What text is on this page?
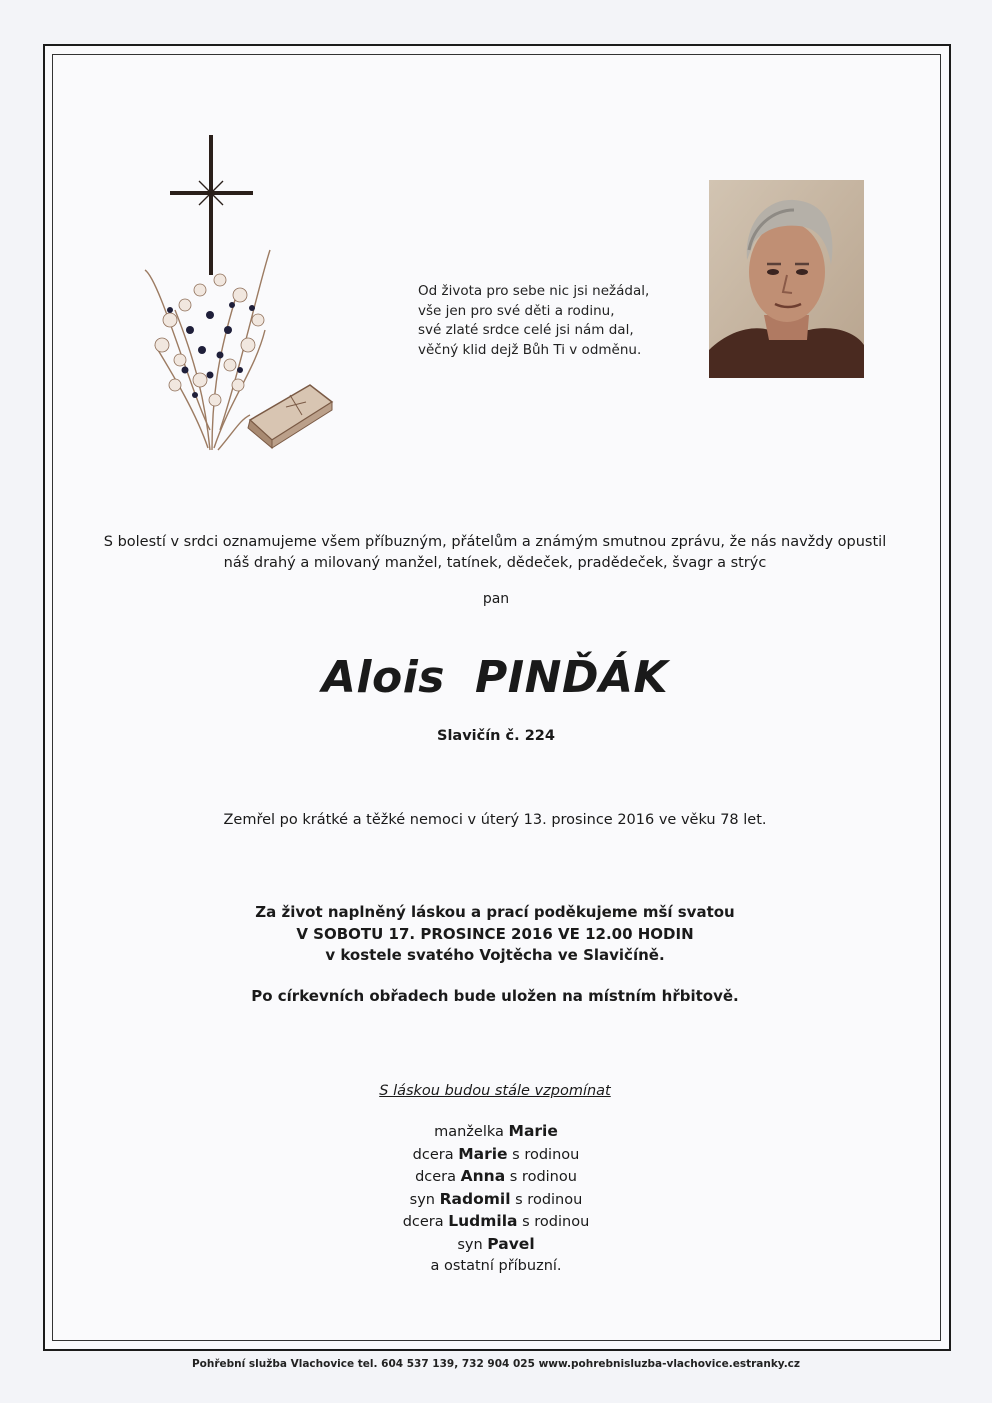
Od života pro sebe nic jsi nežádal,
vše jen pro své děti a rodinu,
své zlaté srdce celé jsi nám dal,
věčný klid dejž Bůh Ti v odměnu.
S bolestí v srdci oznamujeme všem příbuzným, přátelům a známým smutnou zprávu, že nás navždy opustil
náš drahý a milovaný manžel, tatínek, dědeček, pradědeček, švagr a strýc
pan
Alois PINĎÁK
Slavičín č. 224
Zemřel po krátké a těžké nemoci v úterý 13. prosince 2016 ve věku 78 let.
Za život naplněný láskou a prací poděkujeme mší svatou
V SOBOTU 17. PROSINCE 2016 VE 12.00 HODIN
v kostele svatého Vojtěcha ve Slavičíně.
Po církevních obřadech bude uložen na místním hřbitově.
S láskou budou stále vzpomínat
manželka Marie
dcera Marie s rodinou
dcera Anna s rodinou
syn Radomil s rodinou
dcera Ludmila s rodinou
syn Pavel
a ostatní příbuzní.
Pohřební služba Vlachovice tel. 604 537 139, 732 904 025 www.pohrebnisluzba-vlachovice.estranky.cz
